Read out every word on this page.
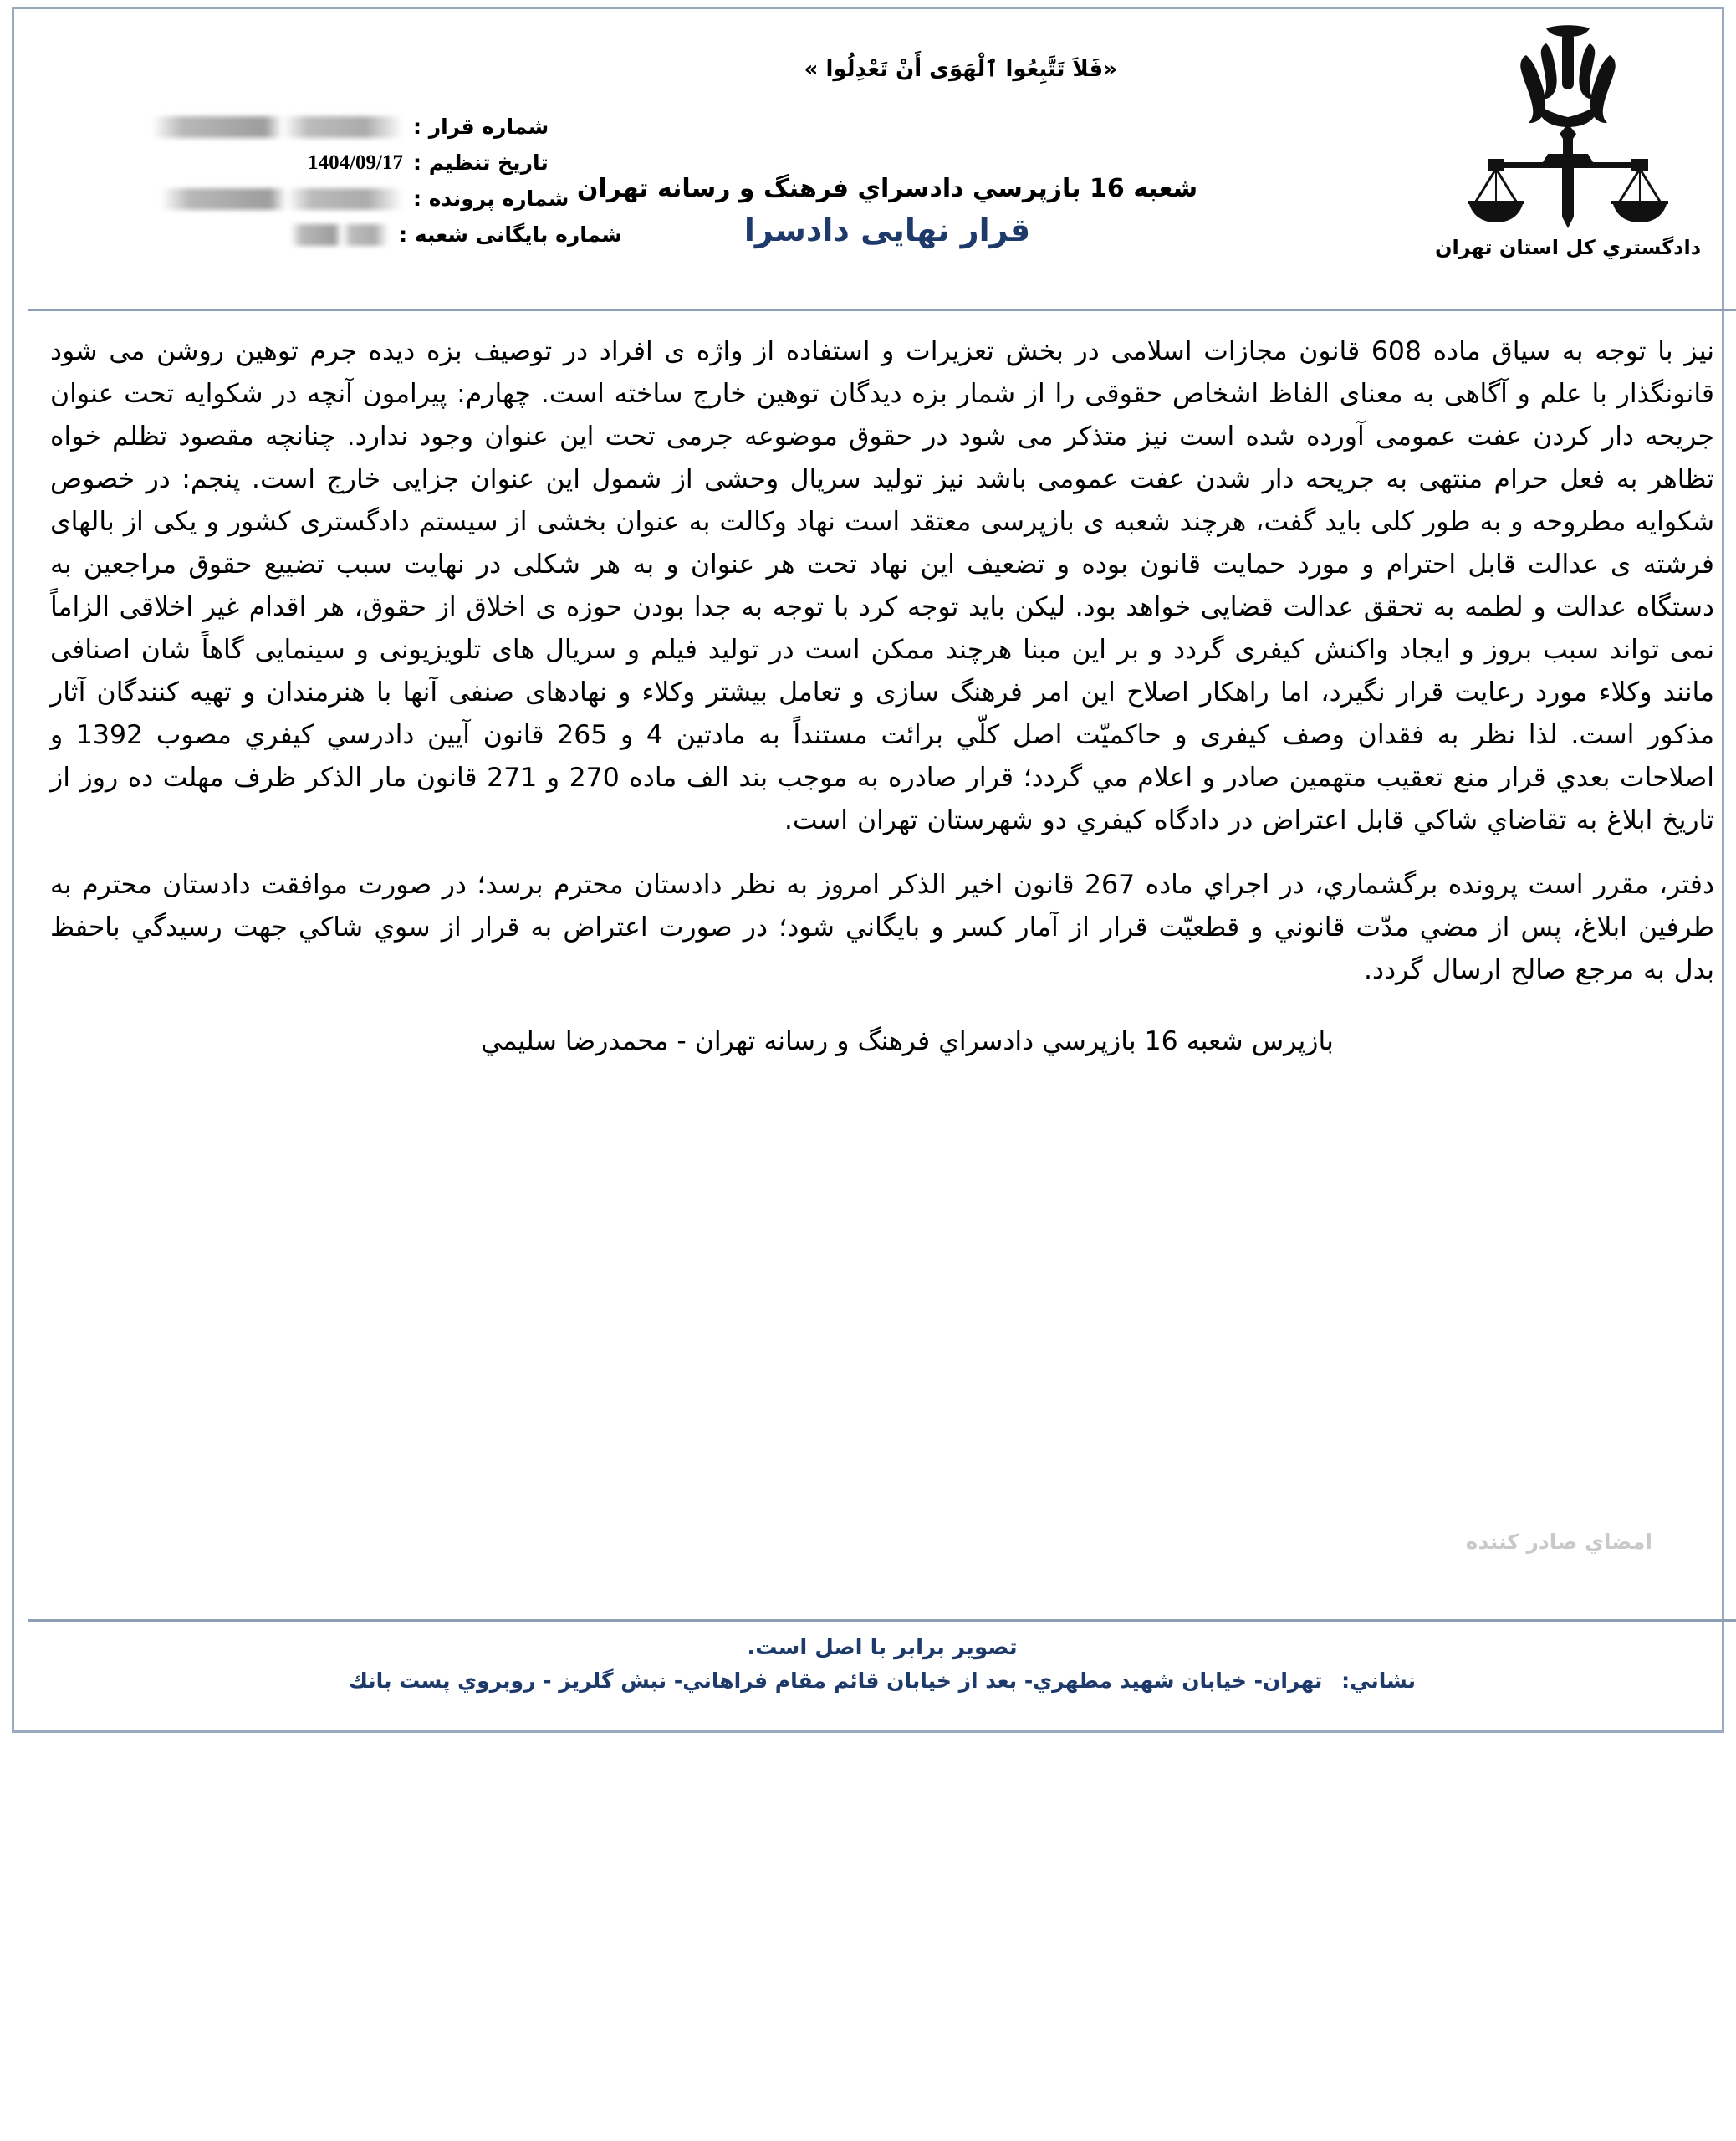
«فَلاَ تَتَّبِعُوا ٱلْهَوَى أَنْ تَعْدِلُوا »
شماره قرار :
تاریخ تنظیم :
1404/09/17
شماره پرونده :
شماره بایگانی شعبه :
شعبه 16 بازپرسي دادسراي فرهنگ و رسانه تهران
قرار نهایی دادسرا	دادگستري كل استان تهران

نیز با توجه به سیاق ماده 608 قانون مجازات اسلامی در بخش تعزیرات و استفاده از واژه ی افراد در توصیف بزه دیده جرم توهین روشن می شود قانونگذار با علم و آگاهی به معنای الفاظ اشخاص حقوقی را از شمار بزه دیدگان توهین خارج ساخته است. چهارم: پیرامون آنچه در شکوایه تحت عنوان جریحه دار کردن عفت عمومی آورده شده است نیز متذکر می شود در حقوق موضوعه جرمی تحت این عنوان وجود ندارد. چنانچه مقصود تظلم خواه تظاهر به فعل حرام منتهی به جریحه دار شدن عفت عمومی باشد نیز تولید سریال وحشی از شمول این عنوان جزایی خارج است. پنجم: در خصوص شکوایه مطروحه و به طور کلی باید گفت، هرچند شعبه ی بازپرسی معتقد است نهاد وکالت به عنوان بخشی از سیستم دادگستری کشور و یکی از بالهای فرشته ی عدالت قابل احترام و مورد حمایت قانون بوده و تضعیف این نهاد تحت هر عنوان و به هر شکلی در نهایت سبب تضییع حقوق مراجعین به دستگاه عدالت و لطمه به تحقق عدالت قضایی خواهد بود. لیکن باید توجه کرد با توجه به جدا بودن حوزه ی اخلاق از حقوق، هر اقدام غیر اخلاقی الزاماً نمی تواند سبب بروز و ایجاد واکنش کیفری گردد و بر این مبنا هرچند ممکن است در تولید فیلم و سریال های تلویزیونی و سینمایی گاهاً شان اصنافی مانند وکلاء مورد رعایت قرار نگیرد، اما راهکار اصلاح این امر فرهنگ سازی و تعامل بیشتر وکلاء و نهادهای صنفی آنها با هنرمندان و تهیه کنندگان آثار مذکور است. لذا نظر به فقدان وصف کیفری و حاکمیّت اصل کلّي برائت مستنداً به مادتین 4 و 265 قانون آیین دادرسي کيفري مصوب 1392 و اصلاحات بعدي قرار منع تعقيب متهمین صادر و اعلام مي گردد؛ قرار صادره به موجب بند الف ماده 270 و 271 قانون مار الذکر ظرف مهلت ده روز از تاریخ ابلاغ به تقاضاي شاكي قابل اعتراض در دادگاه كيفري دو شهرستان تهران است.

دفتر، مقرر است پرونده برگشماري، در اجراي ماده 267 قانون اخير الذكر امروز به نظر دادستان محترم برسد؛ در صورت موافقت دادستان محترم به طرفين ابلاغ، پس از مضي مدّت قانوني و قطعيّت قرار از آمار كسر و بايگاني شود؛ در صورت اعتراض به قرار از سوي شاكي جهت رسيدگي باحفظ بدل به مرجع صالح ارسال گردد.

بازپرس شعبه 16 بازپرسي دادسراي فرهنگ و رسانه تهران - محمدرضا سليمي
امضاي صادر كننده
تصویر برابر با اصل است.
نشاني: تهران- خيابان شهيد مطهري- بعد از خيابان قائم مقام فراهاني- نبش گلريز - روبروي پست بانك
